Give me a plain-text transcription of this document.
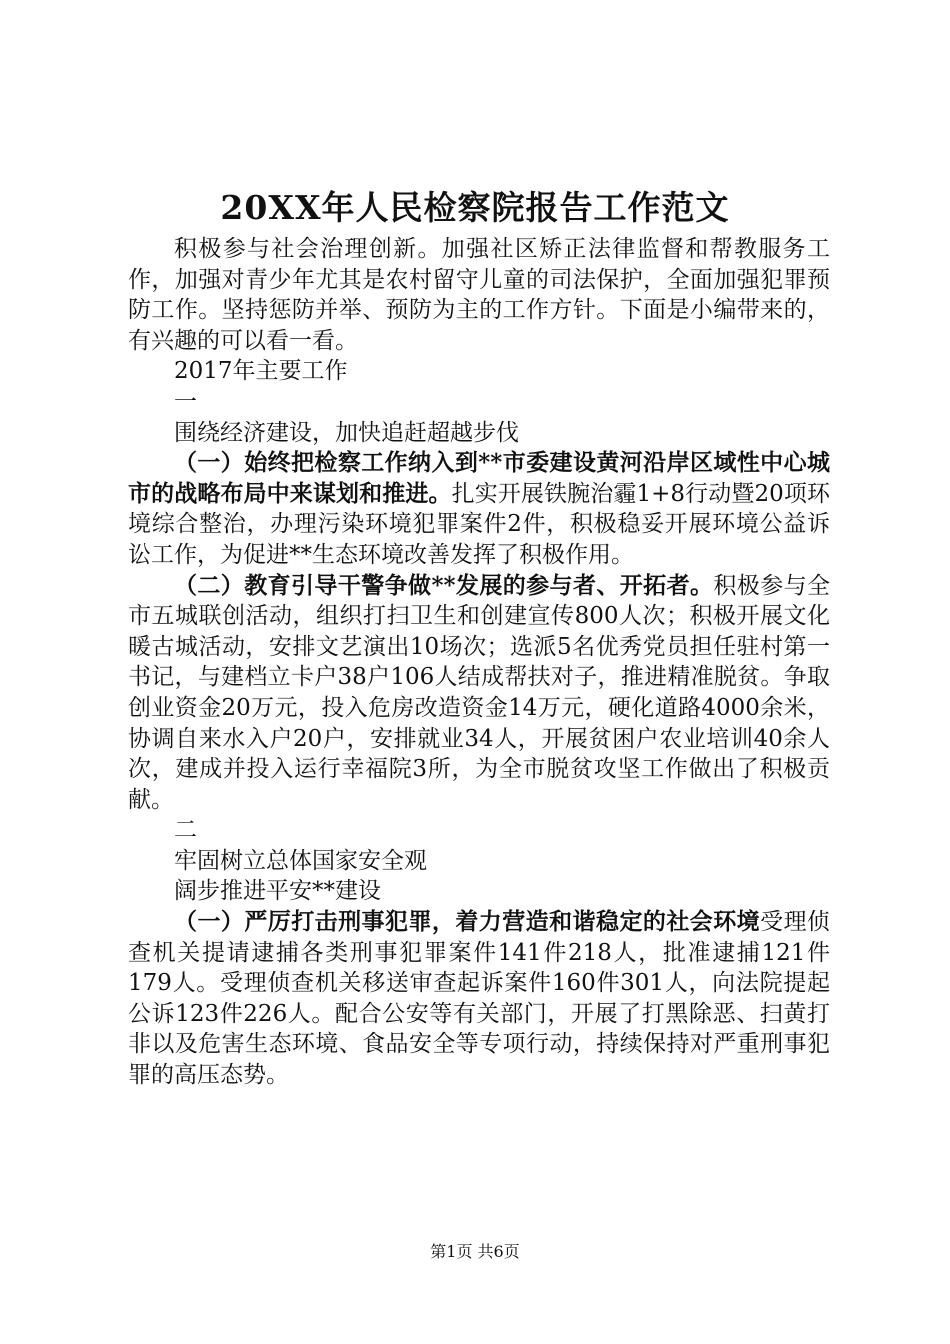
20XX年人民检察院报告工作范文

积极参与社会治理创新。加强社区矫正法律监督和帮教服务工作，加强对青少年尤其是农村留守儿童的司法保护，全面加强犯罪预防工作。坚持惩防并举、预防为主的工作方针。下面是小编带来的，有兴趣的可以看一看。

2017年主要工作

一

围绕经济建设，加快追赶超越步伐

（一）始终把检察工作纳入到**市委建设黄河沿岸区域性中心城市的战略布局中来谋划和推进。扎实开展铁腕治霾1+8行动暨20项环境综合整治，办理污染环境犯罪案件2件，积极稳妥开展环境公益诉讼工作，为促进**生态环境改善发挥了积极作用。

（二）教育引导干警争做**发展的参与者、开拓者。积极参与全市五城联创活动，组织打扫卫生和创建宣传800人次；积极开展文化暖古城活动，安排文艺演出10场次；选派5名优秀党员担任驻村第一书记，与建档立卡户38户106人结成帮扶对子，推进精准脱贫。争取创业资金20万元，投入危房改造资金14万元，硬化道路4000余米，协调自来水入户20户，安排就业34人，开展贫困户农业培训40余人次，建成并投入运行幸福院3所，为全市脱贫攻坚工作做出了积极贡献。

二

牢固树立总体国家安全观

阔步推进平安**建设

（一）严厉打击刑事犯罪，着力营造和谐稳定的社会环境受理侦查机关提请逮捕各类刑事犯罪案件141件218人，批准逮捕121件179人。受理侦查机关移送审查起诉案件160件301人，向法院提起公诉123件226人。配合公安等有关部门，开展了打黑除恶、扫黄打非以及危害生态环境、食品安全等专项行动，持续保持对严重刑事犯罪的高压态势。

第1页 共6页
